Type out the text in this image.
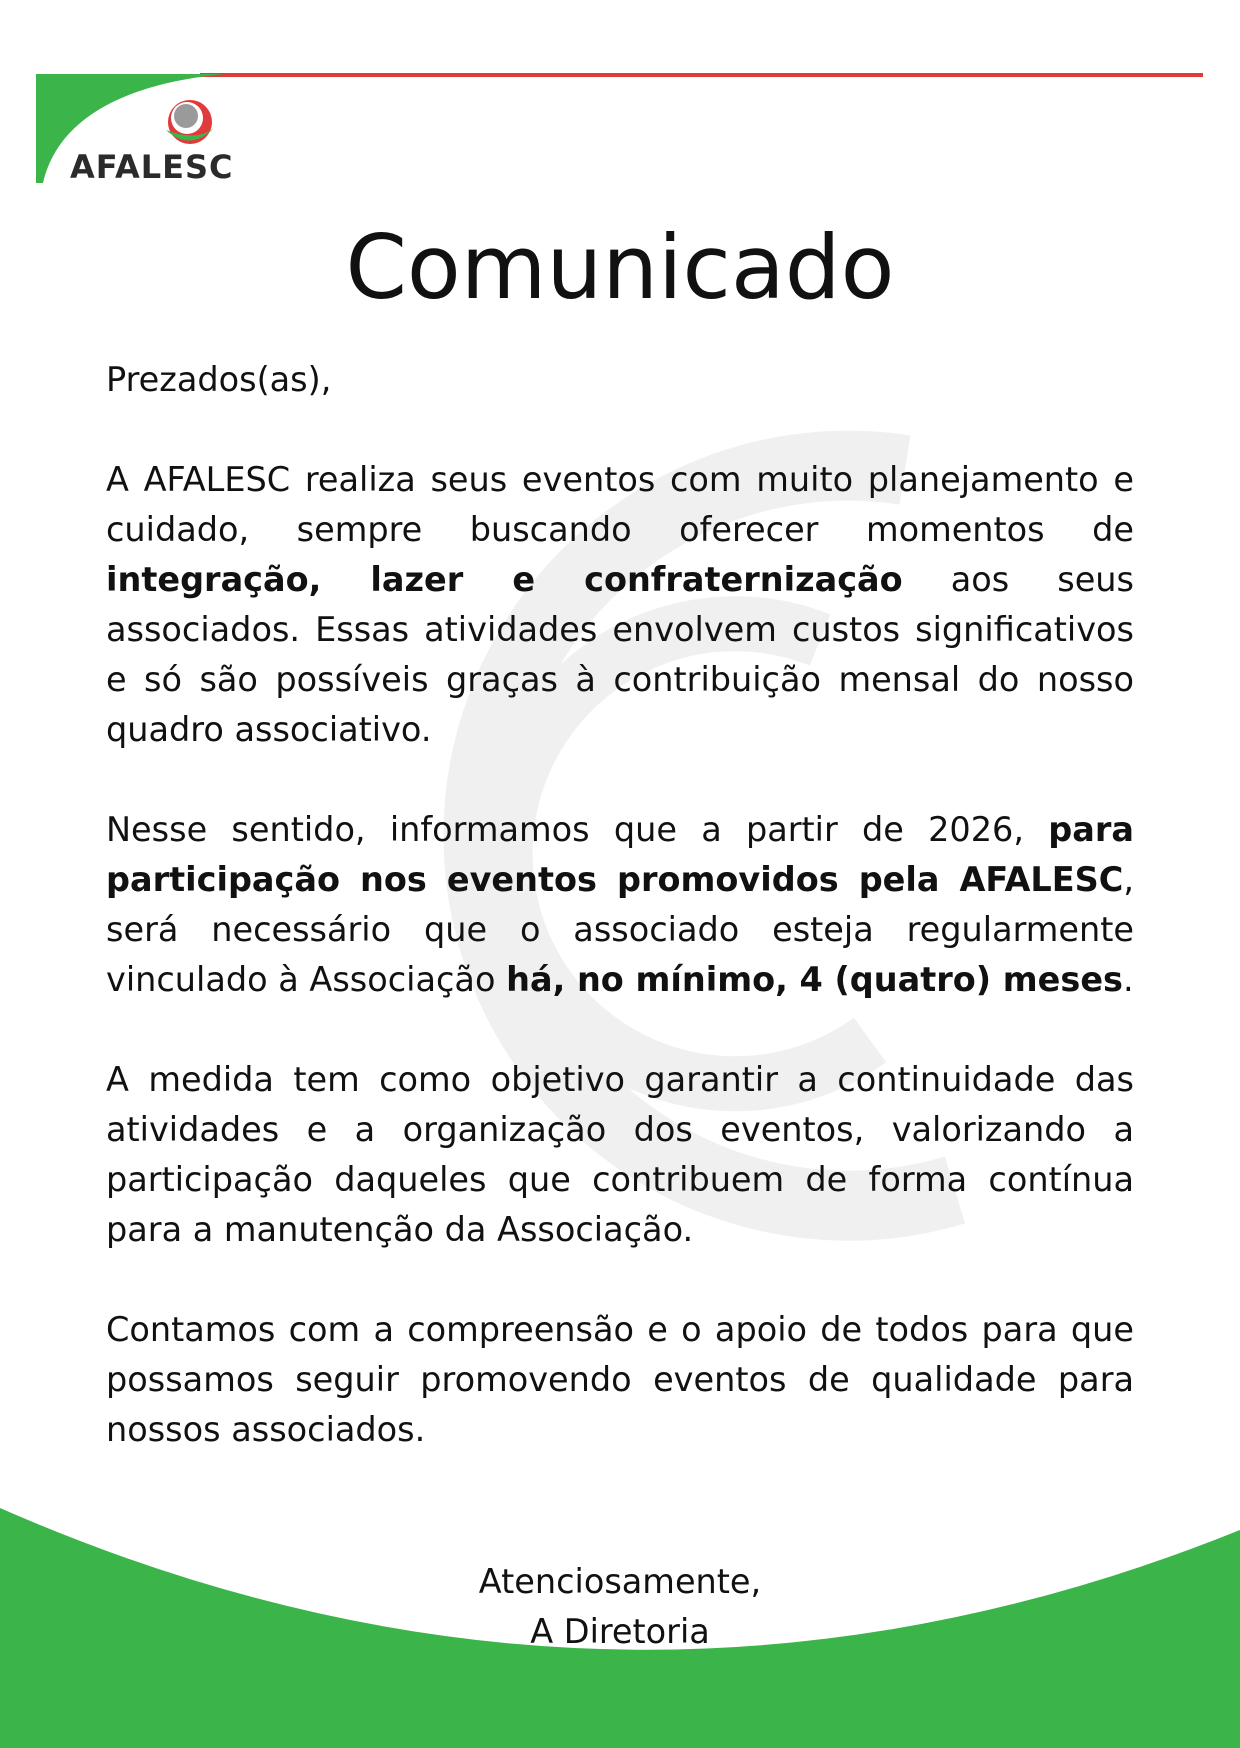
AFALESC
Comunicado

Prezados(as),

A AFALESC realiza seus eventos com muito planejamento e cuidado, sempre buscando oferecer momentos de integração, lazer e confraternização aos seus associados. Essas atividades envolvem custos significativos e só são possíveis graças à contribuição mensal do nosso quadro associativo.

Nesse sentido, informamos que a partir de 2026, para participação nos eventos promovidos pela AFALESC, será necessário que o associado esteja regularmente vinculado à Associação há, no mínimo, 4 (quatro) meses.

A medida tem como objetivo garantir a continuidade das atividades e a organização dos eventos, valorizando a participação daqueles que contribuem de forma contínua para a manutenção da Associação.

Contamos com a compreensão e o apoio de todos para que possamos seguir promovendo eventos de qualidade para nossos associados.

Atenciosamente,
A Diretoria
